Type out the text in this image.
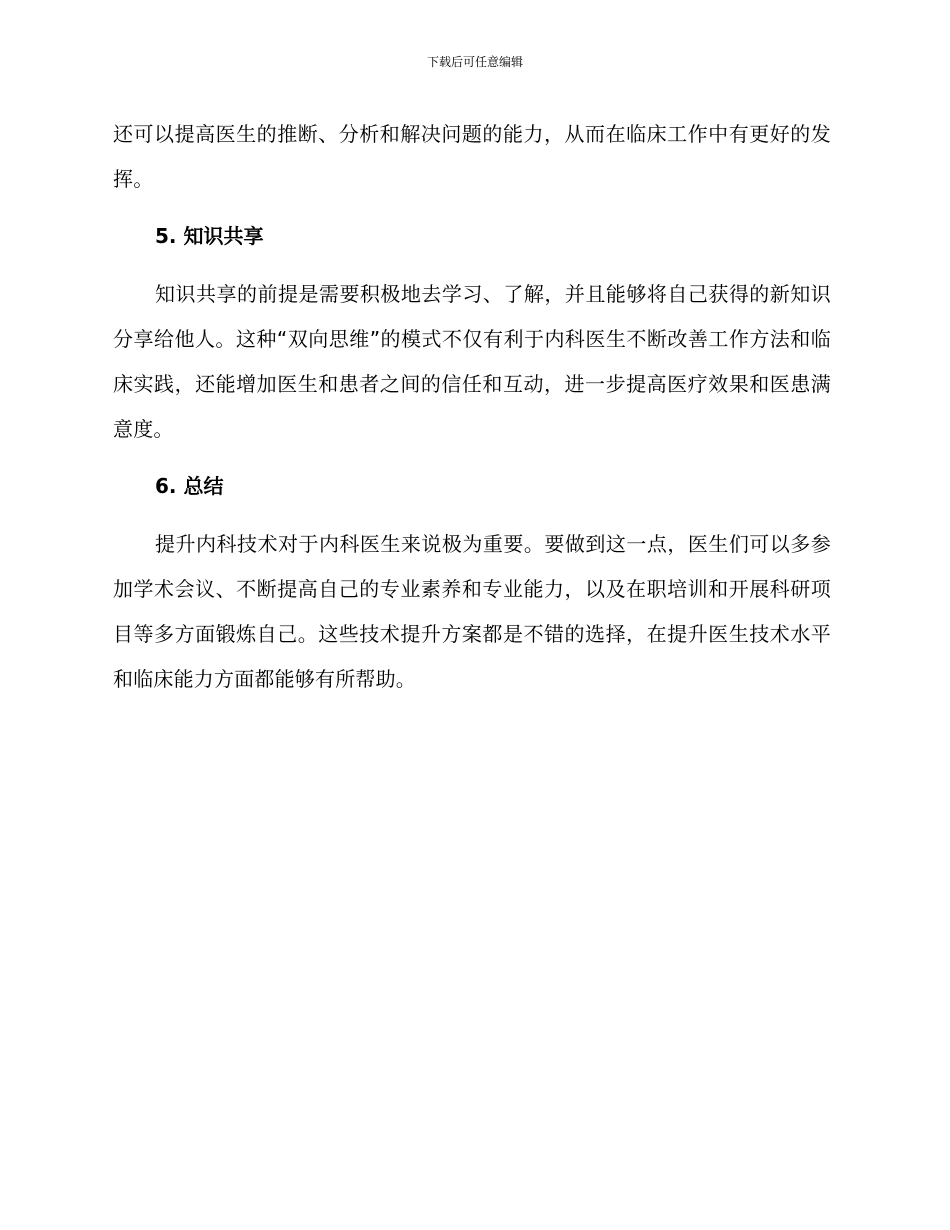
下载后可任意编辑

还可以提高医生的推断、分析和解决问题的能力，从而在临床工作中有更好的发挥。

5. 知识共享

知识共享的前提是需要积极地去学习、了解，并且能够将自己获得的新知识分享给他人。这种“双向思维”的模式不仅有利于内科医生不断改善工作方法和临床实践，还能增加医生和患者之间的信任和互动，进一步提高医疗效果和医患满意度。

6. 总结

提升内科技术对于内科医生来说极为重要。要做到这一点，医生们可以多参加学术会议、不断提高自己的专业素养和专业能力，以及在职培训和开展科研项目等多方面锻炼自己。这些技术提升方案都是不错的选择，在提升医生技术水平和临床能力方面都能够有所帮助。
